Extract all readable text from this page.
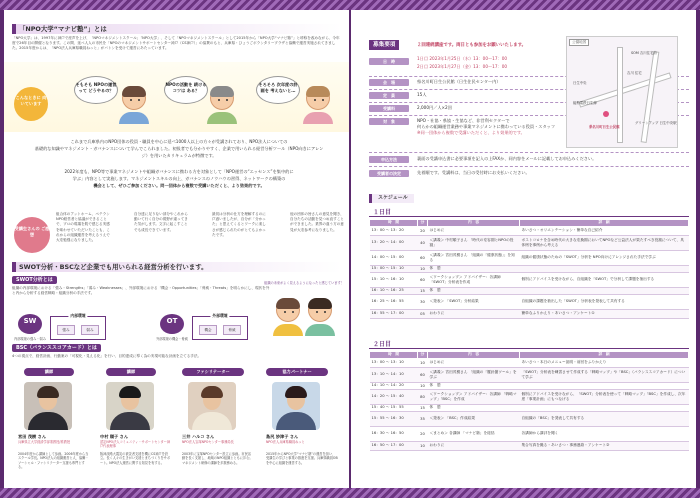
「NPO大学“マナビ塾”」とは
「NPO大学」は、1997年に神戸で産声を上げ、「NPOマネジメントスクール」「NPO大学」、そして「NPOマネジメントスクール」として2015年から「NPO大学“マナビ塾”」と呼称を改めながら、今年度で26年目の開催となります。この間、延べ人人の市民を「NPOのマネジメントサポートセンター神戸（CS神戸）」の協賛のもと、兵庫県・ひょうごボランタリープラザと協働で運営実施されてきました。2015年度からは、「NPO法人兵庫県職員ねっと」がバトンを受けて運営にあたっています。
こんなときに 向いています
そもそも NPOの運営って どうやるの？
NPOの活動を 続けるコツは ある？
そろそろ 次年度の計画を 考えないと…
これまで兵庫県内のNPO団体の役員・職員を中心に延べ1000人以上の方々が受講されており、NPO法人についての
基礎的な知識やマネジメント・ガバナンスについて学んでこられました。初級者でも分かりやすく、企業で用いられる経営分析ツール（NPO向きにアレンジ）を用いたカリキュラムが特徴です。
2022年度も、NPO等で事業マネジメントや組織ガバナンスに携わる方を対象として「NPO運営の“エッセンス”を集中的に
学ぶ」内容として実施します。マネジメントスキルの向上、ガバナンスのノウハウの習得、ネットワークの構築の
機会として、ぜひご参加ください。同一団体から複数で受講いただくと、より効果的です。
受講生さんの ご感想
組合体のアットホーム、ベテランNPO経営者と協議ができることで、プロの現場を肌で感じる実感を味わせていただいたことも、これからの組織運営を考えるうえで大変勉強になりました。
自分達に足りない部分やこれから動いて行く自分の視野が違ってきた気がします。文字に起こすことでも成長できています。
最初は分析の仕方を理解するのに戸惑いましたが、自分が「分かった」と思えてくるとワークに楽しさが感じられたのがとてもよかったです。
他の団体の皆さんの意見を聞き、自分たちの活動を見つめ直すことができました。業界の違う方の意見が大変参考になりました。
SWOT分析・BSCなど企業でも用いられる経営分析を行います。
SWOT分析とは
組織の内部環境における「強み・Strengths」「弱み・Weaknesses」、外部環境における「機会・Opportunities」「脅威・Threats」を明らかにし、現状を外と内から分析する経営戦略・組織分析の手法です。
SW
内部環境の強み・弱み
内部環境
強み	弱み
OT
外部環境の機会・脅威
外部環境
機会	脅威
組織の未来がよく見えるようになったと感じています！
BSC（バランススコアカード）とは
4つの視点で、経営計画、行動案の「可視化・見える化」を行い、目的達成に導く為の実現可能な計画を立てる手法。
講師
宮田 茂樹 さん
兵庫県立大学経済学部准教授/准教授
2004年度から講師として参画。2006年度から当スクール学長。NPO法人の組織運営と人、協働・ソーシャル・ファシリテーター支援も専門とする。
講師
中村 順子 さん
認定NPO法人コミュニティ・サポートセンター神戸代表理事
阪神淡路大震災の被災者支援を機にCS神戸を設立。長く人々の生きがい支援とまちづくりをサポート。NPO法人運営に関する知見を有する。
ファシリテーター
三井 ハルコ さん
NPO法人宝塚NPOセンター事務局長
2003年に宝塚NPOセンター設立に参画。市民活動を長く支援し、地域のNPO組織とともに歩む。マネジメント研修の講師を多数務める。
協力パートナー
島尻 妙津子 さん
NPO法人兵庫県職員ねっと
2015年からNPO大学“マナビ塾”の運営を担い、受講生の学びと事業の推進を支援。兵庫県職員OBを中心に組織を運営する。
募集要項	２回連続講座です。両日とも参加をお願いいたします。
日　時
1日目 2023年1月25日（水）13：00～17：00
2日目 2023年1月27日（金）13：00～17：00
会　場	県名川町日生公民館（日生住民センター内）
定　員	15人
受講料	2,000円／人×2回
対　象	NPO・社協・県協・生協など、非営利セクターで
何らかの組織運営業務や事業マネジメントに携わっている役員・スタッフ
※同一団体から複数で受講いただくと、より効果的です。
申込方法	裏面の受講申込書に必要事項を記入の上FAXか、同内容をメールに記載してお申込みください。
受講者の決定	先着順です。受講料は、当日の受付時にお支払いください。
公園地図
SOM 吉川住宅前
吉川 住宅
日生中央
能勢電鉄日生線
グリーンアップ 日生中央駅
県名川町日生公民館
スケジュール
１日目
時　間	分	内　容	詳　細
13：00 ～ 13：20	20	はじめに	あいさつ・オリエンテーション・簡単な自己紹介
13：20 ～ 14：00	40	＜講義＞ 中村順子さん 「時代の変容期とNPOの役割」	ポストコロナを含め時代の大きな変換期においてNPOなど公益法人が果たすべき役割について、具体例を事例から考える
14：00 ～ 15：00	60	＜講義＞ 宮田茂樹さん 「組織の「健康状態」」を知る	組織の健康状態のための「SWOT」分析を NPO向けにアレンジされた手法で学ぶ
15：00 ～ 15：10	10	休　憩	
15：10 ～ 16：10	60	＜ワークショップ＞ アドバイザー：各講師 「SWOT」分析表を作成	個別にアドバイスを受けながら、自組織を「SWOT」で分析して課題を抽出する
16：10 ～ 16：25	15	休　憩	
16：25 ～ 16：55	30	＜発表＞ 「SWOT」分析結果	自組織の課題を抽出した「SWOT」分析表を発表して共有する
16：55 ～ 17：00	05	おわりに	簡単なふりかえり・あいさつ・アンケート①
２日目
時　間	分	内　容	詳　細
13：00 ～ 13：10	10	はじめに	あいさつ・本日のメニュー説明・前回をふりかえり
13：10 ～ 14：10	60	＜講義＞ 宮田茂樹さん 「組織の「羅針盤ツール」を学ぶ	「SWOT」分析表を練習させて作成する「戦略マップ」や「BSC」（バランススコアカード）について学ぶ
14：10 ～ 14：20	10	休　憩	
14：20 ～ 15：40	80	＜ワークショップ＞ アドバイザー：各講師 「戦略マップ」「BSC」を作成	個別にアドバイスを受けながら、「SWOT」分析表を使って「戦略マップ」「BSC」を作成し、次年度「事業計画」にもつなげる
15：40 ～ 15：55	15	休　憩	
15：55 ～ 16：30	35	＜発表＞ 「BSC」作成結果	自組織の「BSC」を発表して共有する
16：30 ～ 16：50	20	＜まとめ＞ 各講師 「マナビ塾」を総括	各講師から講評を聞く
16：50 ～ 17：00	10	おわりに	集合写真を撮る・あいさつ・事務連絡・アンケート②
